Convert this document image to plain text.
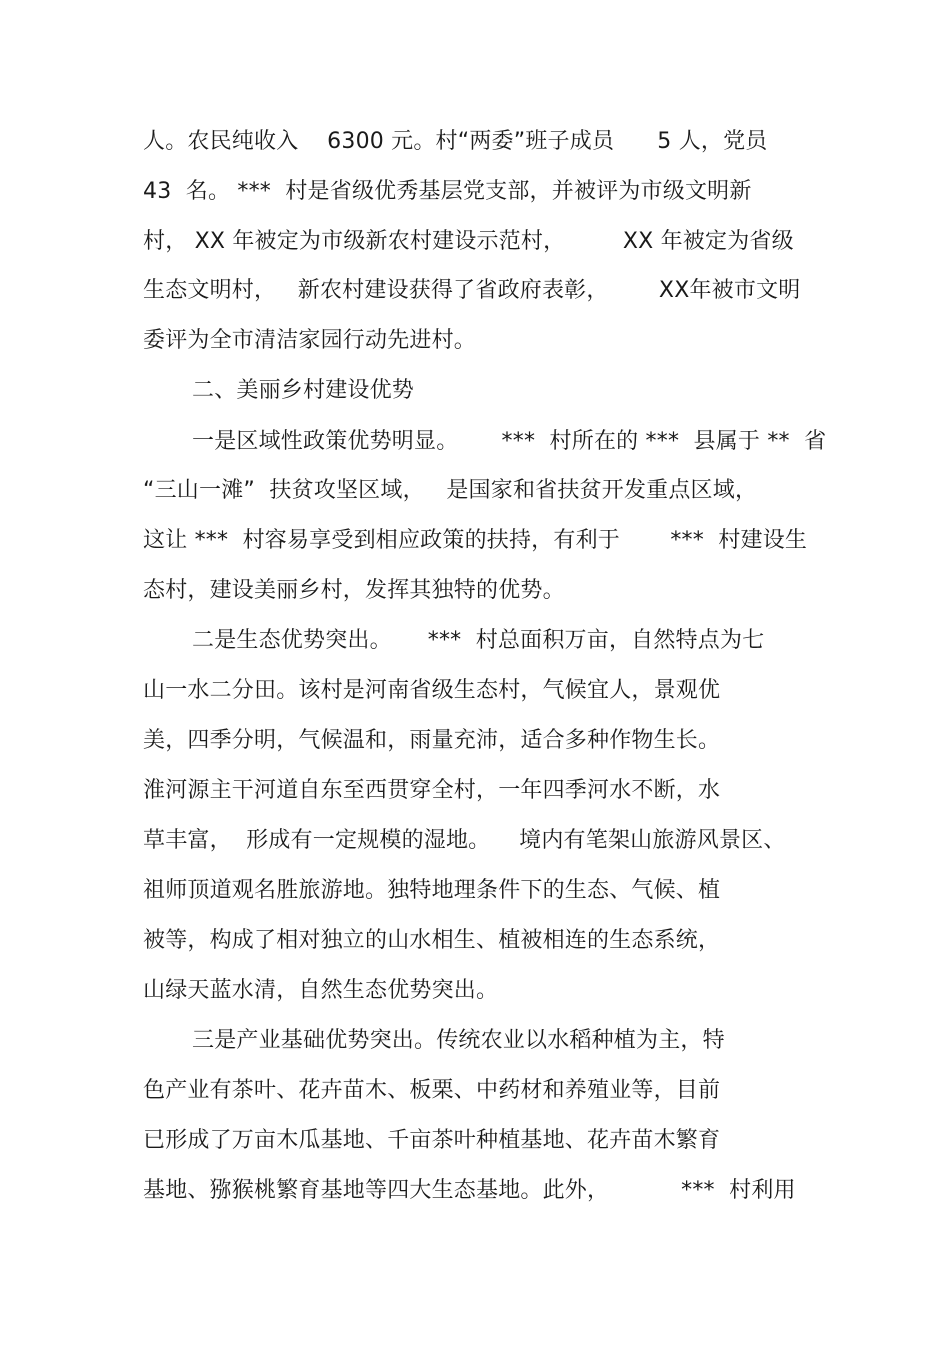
人。农民纯收入    6300 元。村“两委”班子成员      5 人，党员

43  名。 ***  村是省级优秀基层党支部，并被评为市级文明新

村， XX 年被定为市级新农村建设示范村，        XX 年被定为省级

生态文明村，   新农村建设获得了省政府表彰，       XX年被市文明

委评为全市清洁家园行动先进村。

二、美丽乡村建设优势

一是区域性政策优势明显。      ***  村所在的 ***  县属于 **  省

“三山一滩”  扶贫攻坚区域，   是国家和省扶贫开发重点区域，

这让 ***  村容易享受到相应政策的扶持，有利于       ***  村建设生

态村，建设美丽乡村，发挥其独特的优势。

二是生态优势突出。     ***  村总面积万亩，自然特点为七

山一水二分田。该村是河南省级生态村，气候宜人，景观优

美，四季分明，气候温和，雨量充沛，适合多种作物生长。

淮河源主干河道自东至西贯穿全村，一年四季河水不断，水

草丰富，  形成有一定规模的湿地。    境内有笔架山旅游风景区、

祖师顶道观名胜旅游地。独特地理条件下的生态、气候、植

被等，构成了相对独立的山水相生、植被相连的生态系统，

山绿天蓝水清，自然生态优势突出。

三是产业基础优势突出。传统农业以水稻种植为主，特

色产业有茶叶、花卉苗木、板栗、中药材和养殖业等，目前

已形成了万亩木瓜基地、千亩茶叶种植基地、花卉苗木繁育

基地、猕猴桃繁育基地等四大生态基地。此外，          ***  村利用
